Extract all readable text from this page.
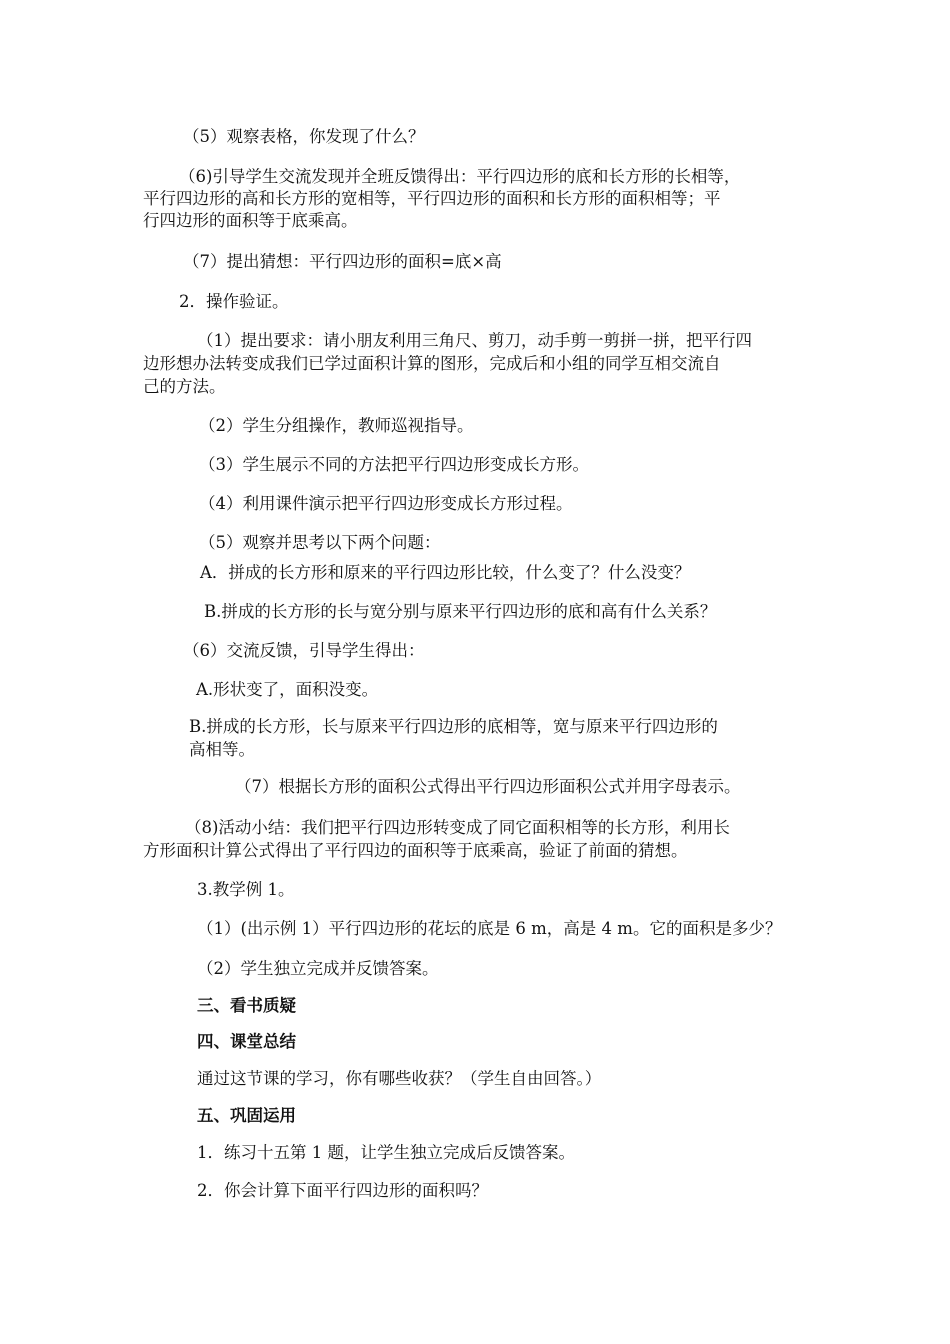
（5）观察表格，你发现了什么？

（6)引导学生交流发现并全班反馈得出：平行四边形的底和长方形的长相等，

平行四边形的高和长方形的宽相等，平行四边形的面积和长方形的面积相等；平

行四边形的面积等于底乘高。

（7）提出猜想：平行四边形的面积=底×高

2．操作验证。

（1）提出要求：请小朋友利用三角尺、剪刀，动手剪一剪拼一拼，把平行四

边形想办法转变成我们已学过面积计算的图形，完成后和小组的同学互相交流自

己的方法。

（2）学生分组操作，教师巡视指导。

（3）学生展示不同的方法把平行四边形变成长方形。

（4）利用课件演示把平行四边形变成长方形过程。

（5）观察并思考以下两个问题：

A．拼成的长方形和原来的平行四边形比较，什么变了？什么没变？

B.拼成的长方形的长与宽分别与原来平行四边形的底和高有什么关系？

（6）交流反馈，引导学生得出：

A.形状变了，面积没变。

B.拼成的长方形，长与原来平行四边形的底相等，宽与原来平行四边形的

高相等。

（7）根据长方形的面积公式得出平行四边形面积公式并用字母表示。

（8)活动小结：我们把平行四边形转变成了同它面积相等的长方形，利用长

方形面积计算公式得出了平行四边的面积等于底乘高，验证了前面的猜想。

3.教学例 1。

（1）(出示例 1）平行四边形的花坛的底是 6 m，高是 4 m。它的面积是多少？

（2）学生独立完成并反馈答案。

三、看书质疑

四、课堂总结

通过这节课的学习，你有哪些收获？（学生自由回答。）

五、巩固运用

1．练习十五第 1 题，让学生独立完成后反馈答案。

2．你会计算下面平行四边形的面积吗？
